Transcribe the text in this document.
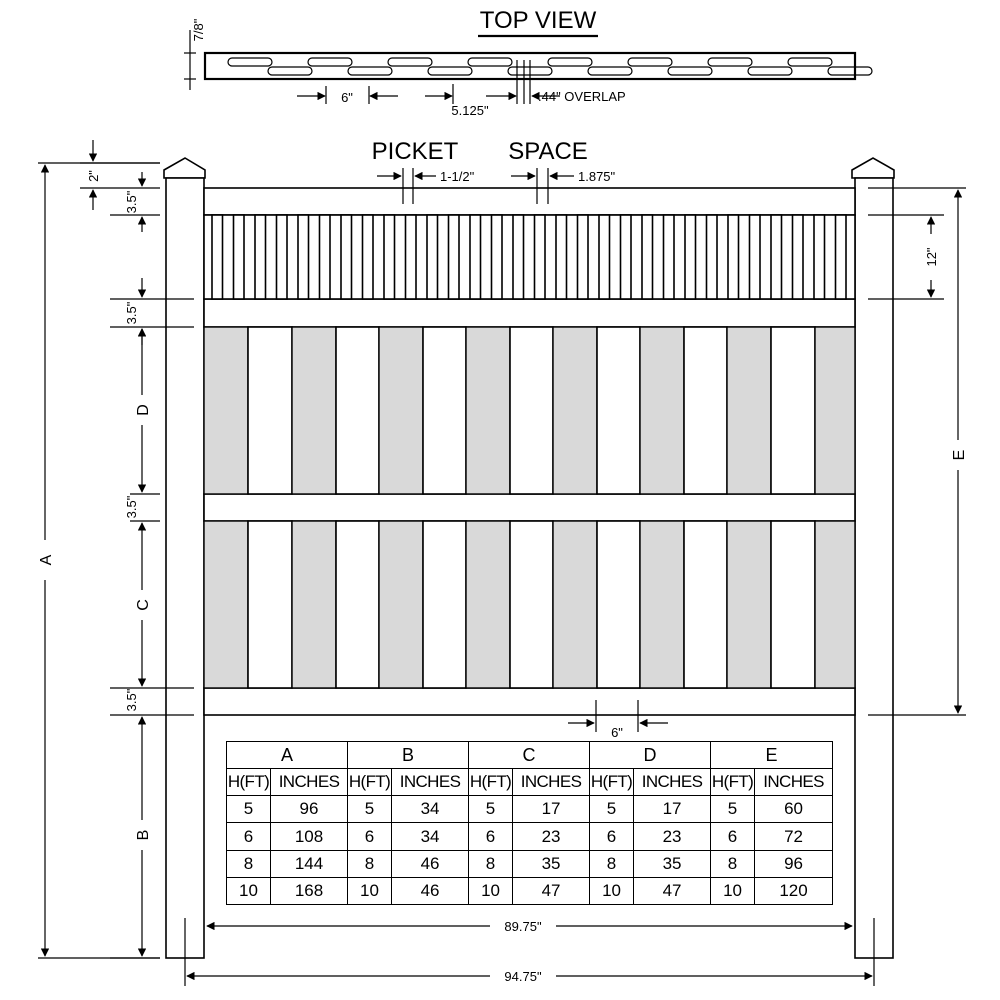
TOP VIEW
7/8"
6"
5.125"
.44" OVERLAP
PICKET SPACE
1-1/2"	1.875"
12"
E
A
2"
3.5"
3.5"
D
3.5"
C
3.5"
B
6"
89.75"
94.75"
A		B		C		D		E	
H(FT)	INCHES	H(FT)	INCHES	H(FT)	INCHES	H(FT)	INCHES	H(FT)	INCHES
5	96	5	34	5	17	5	17	5	60
6	108	6	34	6	23	6	23	6	72
8	144	8	46	8	35	8	35	8	96
10	168	10	46	10	47	10	47	10	120
